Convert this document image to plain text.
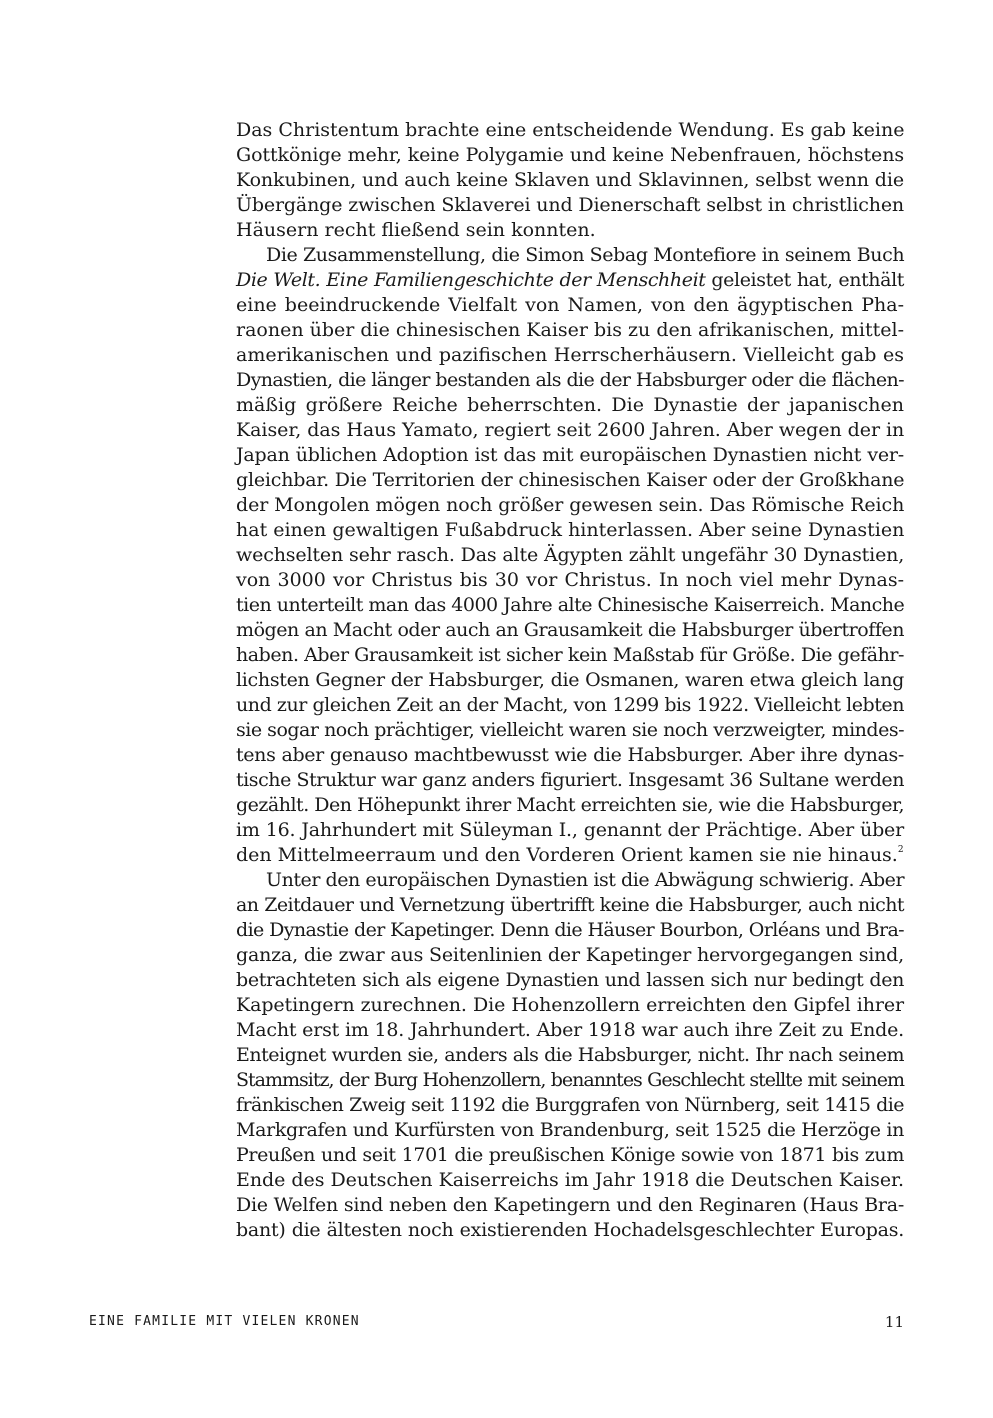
Das Christentum brachte eine entscheidende Wendung. Es gab keine
Gottkönige mehr, keine Polygamie und keine Nebenfrauen, höchstens
Konkubinen, und auch keine Sklaven und Sklavinnen, selbst wenn die
Übergänge zwischen Sklaverei und Dienerschaft selbst in christlichen
Häusern recht fließend sein konnten.

Die Zusammenstellung, die Simon Sebag Montefiore in seinem Buch
Die Welt. Eine Familiengeschichte der Menschheit geleistet hat, enthält
eine beeindruckende Vielfalt von Namen, von den ägyptischen Pha-
raonen über die chinesischen Kaiser bis zu den afrikanischen, mittel-
amerikanischen und pazifischen Herrscherhäusern. Vielleicht gab es
Dynastien, die länger bestanden als die der Habsburger oder die flächen-
mäßig größere Reiche beherrschten. Die Dynastie der japanischen
Kaiser, das Haus Yamato, regiert seit 2600 Jahren. Aber wegen der in
Japan üblichen Adoption ist das mit europäischen Dynastien nicht ver-
gleichbar. Die Territorien der chinesischen Kaiser oder der Großkhane
der Mongolen mögen noch größer gewesen sein. Das Römische Reich
hat einen gewaltigen Fußabdruck hinterlassen. Aber seine Dynastien
wechselten sehr rasch. Das alte Ägypten zählt ungefähr 30 Dynastien,
von 3000 vor Christus bis 30 vor Christus. In noch viel mehr Dynas-
tien unterteilt man das 4000 Jahre alte Chinesische Kaiserreich. Manche
mögen an Macht oder auch an Grausamkeit die Habsburger übertroffen
haben. Aber Grausamkeit ist sicher kein Maßstab für Größe. Die gefähr-
lichsten Gegner der Habsburger, die Osmanen, waren etwa gleich lang
und zur gleichen Zeit an der Macht, von 1299 bis 1922. Vielleicht lebten
sie sogar noch prächtiger, vielleicht waren sie noch verzweigter, mindes-
tens aber genauso machtbewusst wie die Habsburger. Aber ihre dynas-
tische Struktur war ganz anders figuriert. Insgesamt 36 Sultane werden
gezählt. Den Höhepunkt ihrer Macht erreichten sie, wie die Habsburger,
im 16. Jahrhundert mit Süleyman I., genannt der Prächtige. Aber über
den Mittelmeerraum und den Vorderen Orient kamen sie nie hinaus.$^2$

Unter den europäischen Dynastien ist die Abwägung schwierig. Aber
an Zeitdauer und Vernetzung übertrifft keine die Habsburger, auch nicht
die Dynastie der Kapetinger. Denn die Häuser Bourbon, Orléans und Bra-
ganza, die zwar aus Seitenlinien der Kapetinger hervorgegangen sind,
betrachteten sich als eigene Dynastien und lassen sich nur bedingt den
Kapetingern zurechnen. Die Hohenzollern erreichten den Gipfel ihrer
Macht erst im 18. Jahrhundert. Aber 1918 war auch ihre Zeit zu Ende.
Enteignet wurden sie, anders als die Habsburger, nicht. Ihr nach seinem
Stammsitz, der Burg Hohenzollern, benanntes Geschlecht stellte mit seinem
fränkischen Zweig seit 1192 die Burggrafen von Nürnberg, seit 1415 die
Markgrafen und Kurfürsten von Brandenburg, seit 1525 die Herzöge in
Preußen und seit 1701 die preußischen Könige sowie von 1871 bis zum
Ende des Deutschen Kaiserreichs im Jahr 1918 die Deutschen Kaiser.
Die Welfen sind neben den Kapetingern und den Reginaren (Haus Bra-
bant) die ältesten noch existierenden Hochadelsgeschlechter Europas.

EINE FAMILIE MIT VIELEN KRONEN	11
